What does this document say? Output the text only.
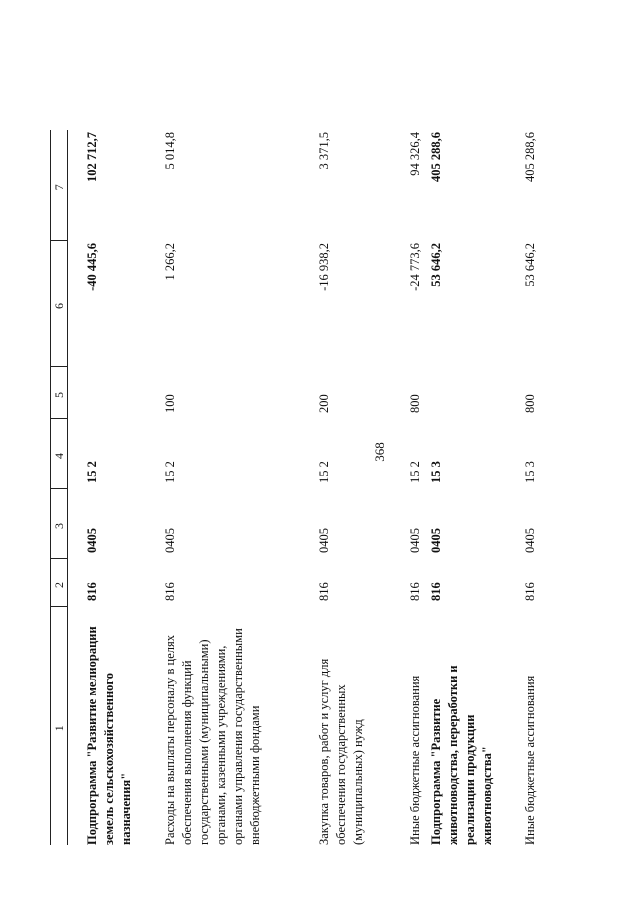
368
1	2	3	4	5	6	7

Подпрограмма "Развитие мелиорации земель сельскохозяйственного назначения"	816	0405	15 2		-40 445,6	102 712,7
Расходы на выплаты персоналу в целях обеспечения выполнения функций государственными (муниципальными) органами, казенными учреждениями, органами управления государственными внебюджетными фондами	816	0405	15 2	100	1 266,2	5 014,8
Закупка товаров, работ и услуг для обеспечения государственных (муниципальных) нужд	816	0405	15 2	200	-16 938,2	3 371,5
Иные бюджетные ассигнования	816	0405	15 2	800	-24 773,6	94 326,4
Подпрограмма "Развитие животноводства, переработки и реализации продукции животноводства"	816	0405	15 3		53 646,2	405 288,6
Иные бюджетные ассигнования	816	0405	15 3	800	53 646,2	405 288,6
